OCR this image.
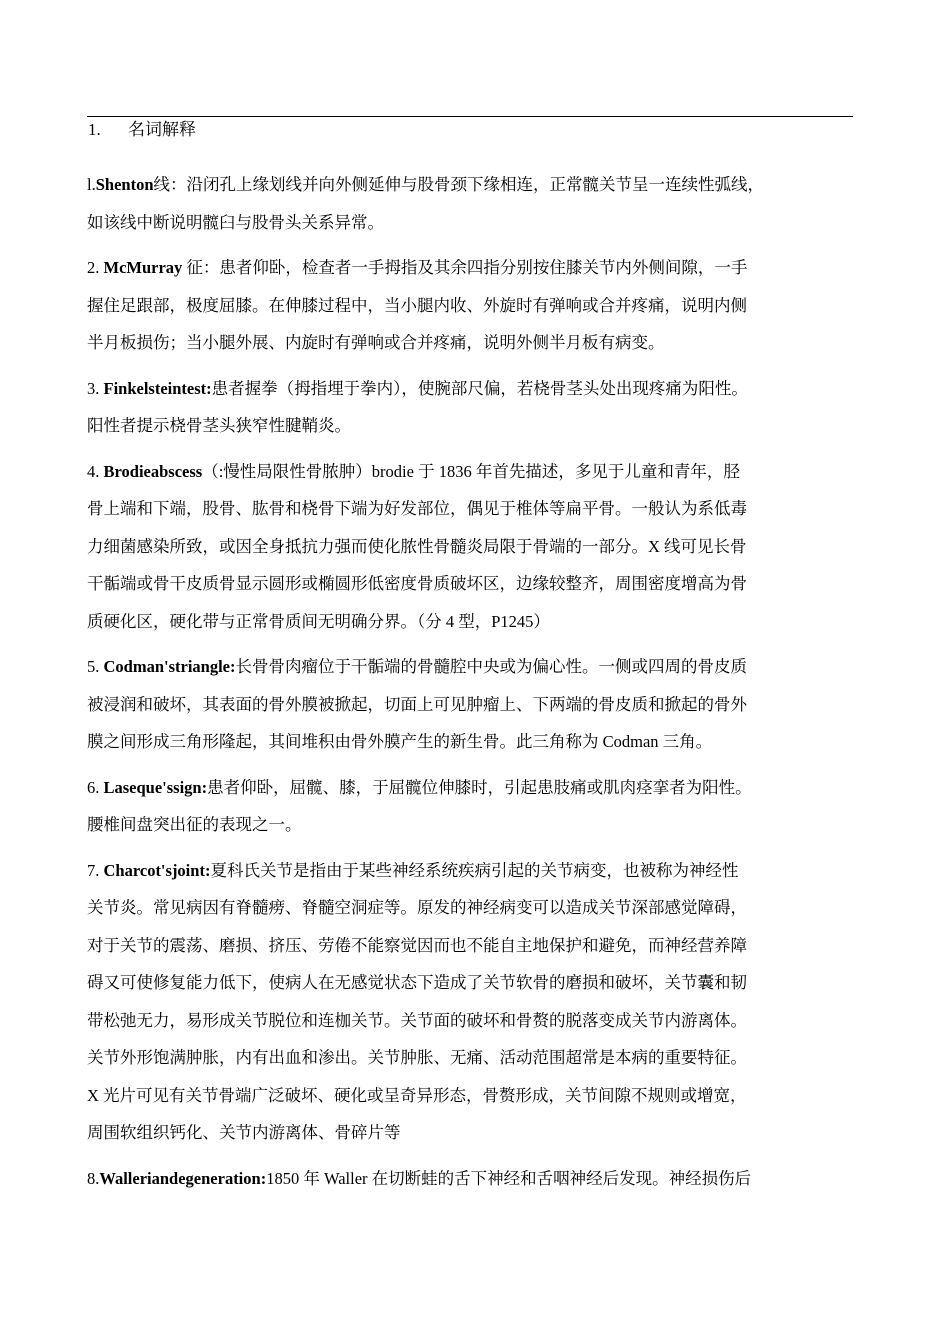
1. 名词解释

l.Shenton线：沿闭孔上缘划线并向外侧延伸与股骨颈下缘相连，正常髋关节呈一连续性弧线，
如该线中断说明髋臼与股骨头关系异常。

2. McMurray 征：患者仰卧，检查者一手拇指及其余四指分别按住膝关节内外侧间隙，一手
握住足跟部，极度屈膝。在伸膝过程中，当小腿内收、外旋时有弹响或合并疼痛，说明内侧
半月板损伤；当小腿外展、内旋时有弹响或合并疼痛，说明外侧半月板有病变。

3. Finkelsteintest:患者握拳（拇指埋于拳内），使腕部尺偏，若桡骨茎头处出现疼痛为阳性。
阳性者提示桡骨茎头狭窄性腱鞘炎。

4. Brodieabscess（:慢性局限性骨脓肿）brodie 于 1836 年首先描述，多见于儿童和青年，胫
骨上端和下端，股骨、肱骨和桡骨下端为好发部位，偶见于椎体等扁平骨。一般认为系低毒
力细菌感染所致，或因全身抵抗力强而使化脓性骨髓炎局限于骨端的一部分。X 线可见长骨
干骺端或骨干皮质骨显示圆形或椭圆形低密度骨质破坏区，边缘较整齐，周围密度增高为骨
质硬化区，硬化带与正常骨质间无明确分界。（分 4 型，P1245）

5. Codman'striangle:长骨骨肉瘤位于干骺端的骨髓腔中央或为偏心性。一侧或四周的骨皮质
被浸润和破坏，其表面的骨外膜被掀起，切面上可见肿瘤上、下两端的骨皮质和掀起的骨外
膜之间形成三角形隆起，其间堆积由骨外膜产生的新生骨。此三角称为 Codman 三角。

6. Laseque'ssign:患者仰卧，屈髋、膝，于屈髋位伸膝时，引起患肢痛或肌肉痉挛者为阳性。
腰椎间盘突出征的表现之一。

7. Charcot'sjoint:夏科氏关节是指由于某些神经系统疾病引起的关节病变，也被称为神经性
关节炎。常见病因有脊髓痨、脊髓空洞症等。原发的神经病变可以造成关节深部感觉障碍，
对于关节的震荡、磨损、挤压、劳倦不能察觉因而也不能自主地保护和避免，而神经营养障
碍又可使修复能力低下，使病人在无感觉状态下造成了关节软骨的磨损和破坏，关节囊和韧
带松弛无力，易形成关节脱位和连枷关节。关节面的破坏和骨赘的脱落变成关节内游离体。
关节外形饱满肿胀，内有出血和渗出。关节肿胀、无痛、活动范围超常是本病的重要特征。
X 光片可见有关节骨端广泛破坏、硬化或呈奇异形态，骨赘形成，关节间隙不规则或增宽，
周围软组织钙化、关节内游离体、骨碎片等

8.Walleriandegeneration:1850 年 Waller 在切断蛙的舌下神经和舌咽神经后发现。神经损伤后
